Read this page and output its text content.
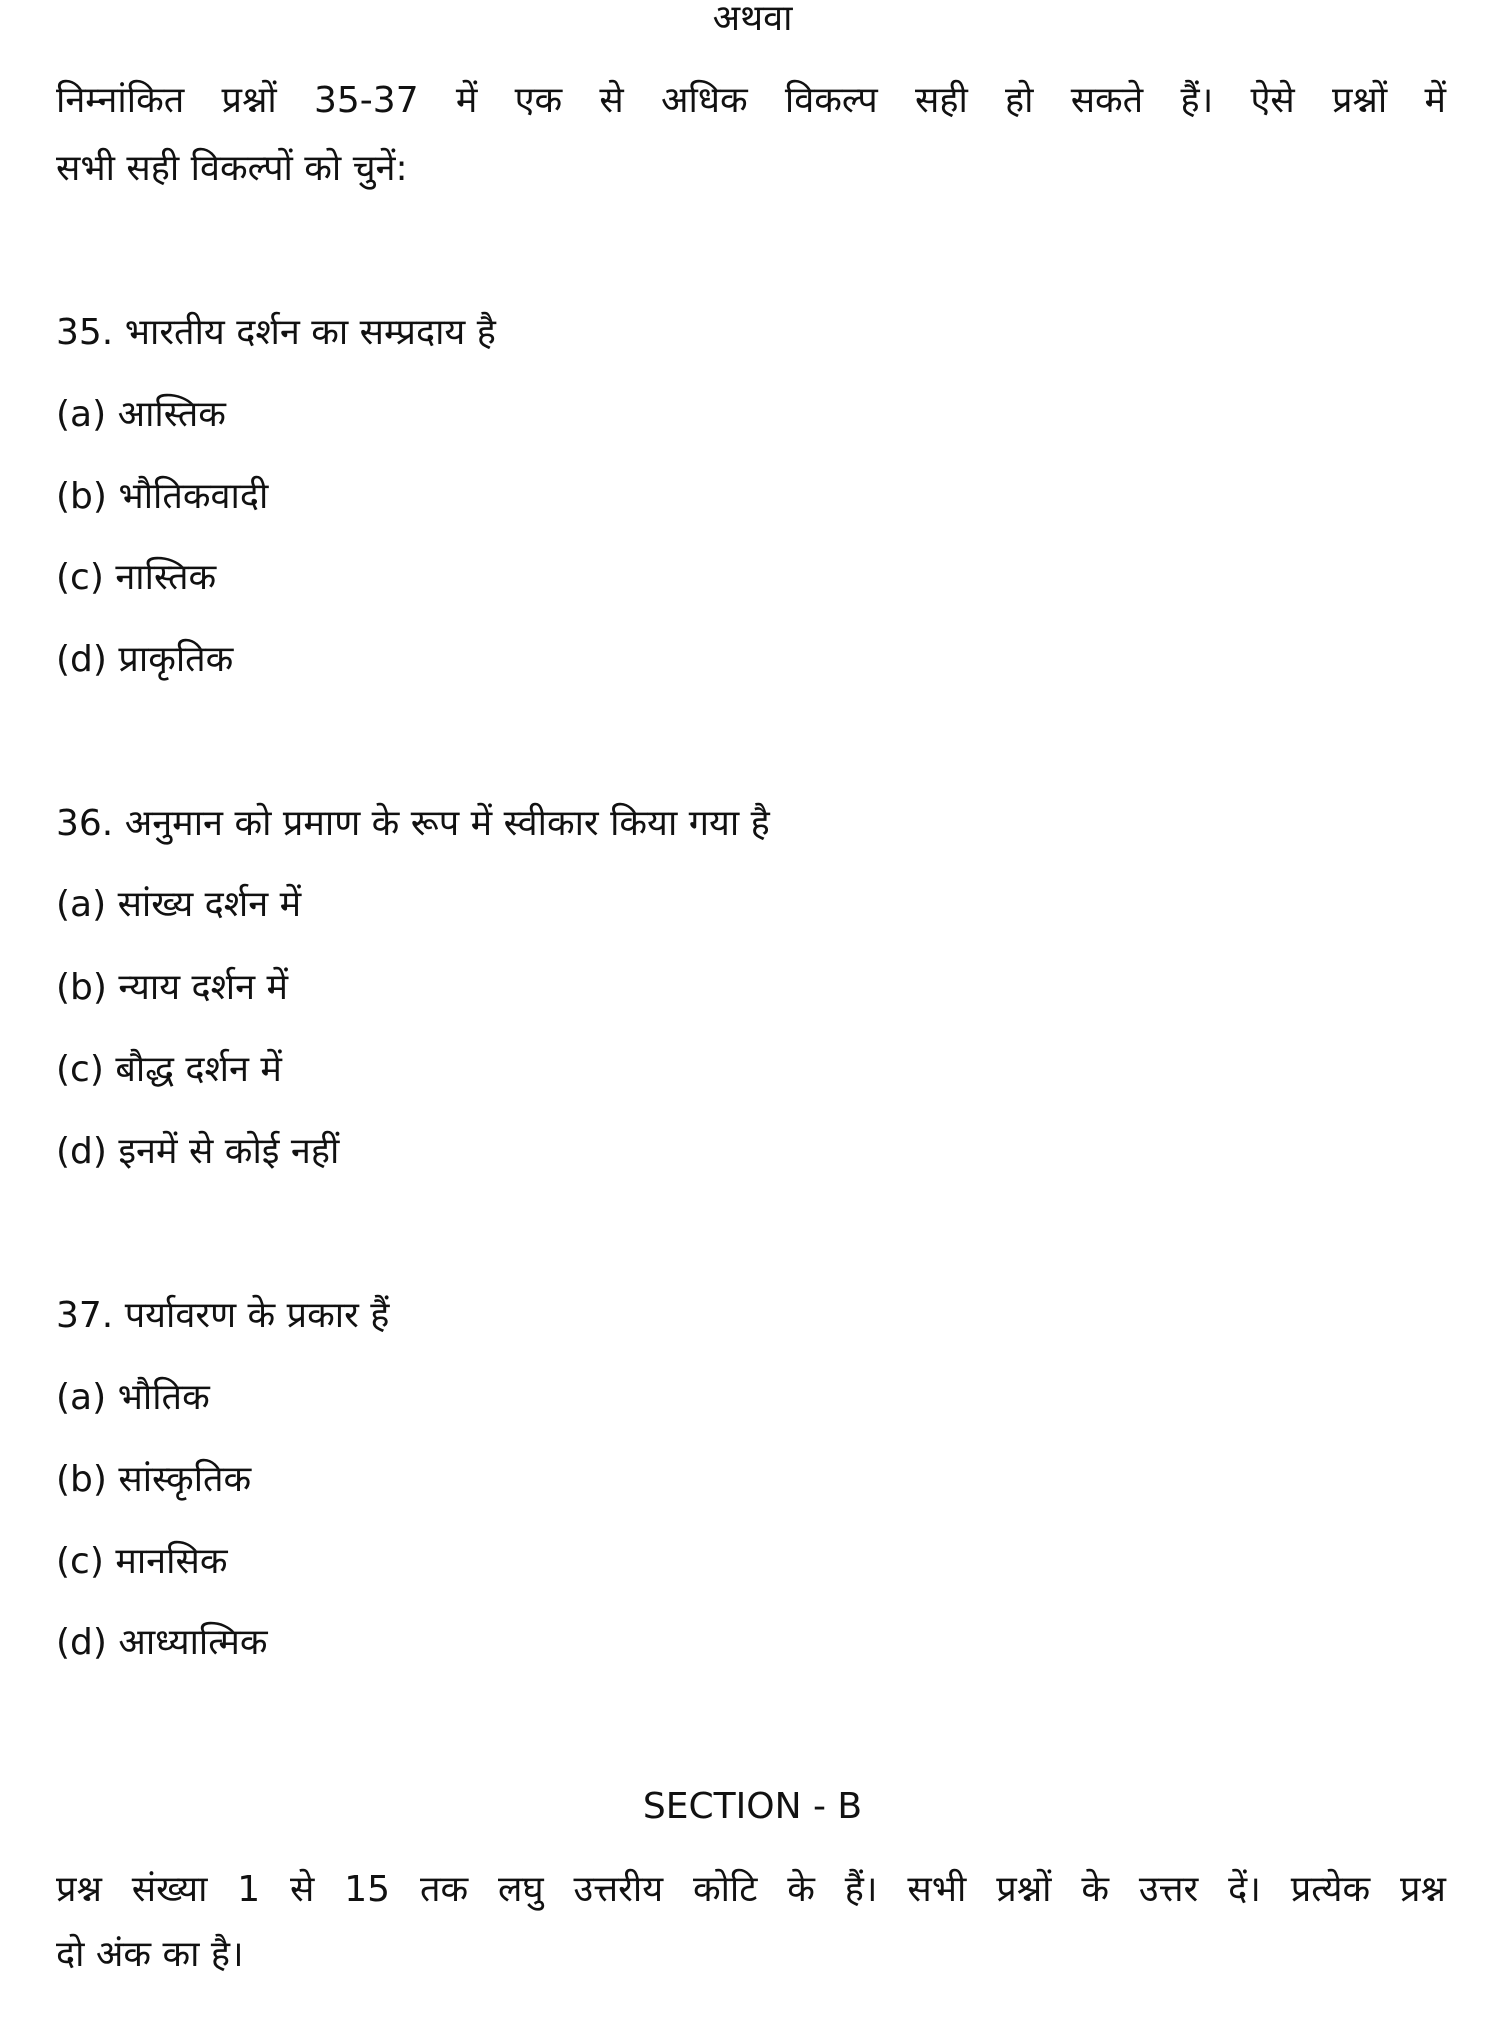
अथवा
निम्नांकित प्रश्नों 35-37 में एक से अधिक विकल्प सही हो सकते हैं। ऐसे प्रश्नों में
सभी सही विकल्पों को चुनें:
35. भारतीय दर्शन का सम्प्रदाय है
(a) आस्तिक
(b) भौतिकवादी
(c) नास्तिक
(d) प्राकृतिक
36. अनुमान को प्रमाण के रूप में स्वीकार किया गया है
(a) सांख्य दर्शन में
(b) न्याय दर्शन में
(c) बौद्ध दर्शन में
(d) इनमें से कोई नहीं
37. पर्यावरण के प्रकार हैं
(a) भौतिक
(b) सांस्कृतिक
(c) मानसिक
(d) आध्यात्मिक
SECTION - B
प्रश्न संख्या 1 से 15 तक लघु उत्तरीय कोटि के हैं। सभी प्रश्नों के उत्तर दें। प्रत्येक प्रश्न
दो अंक का है।
